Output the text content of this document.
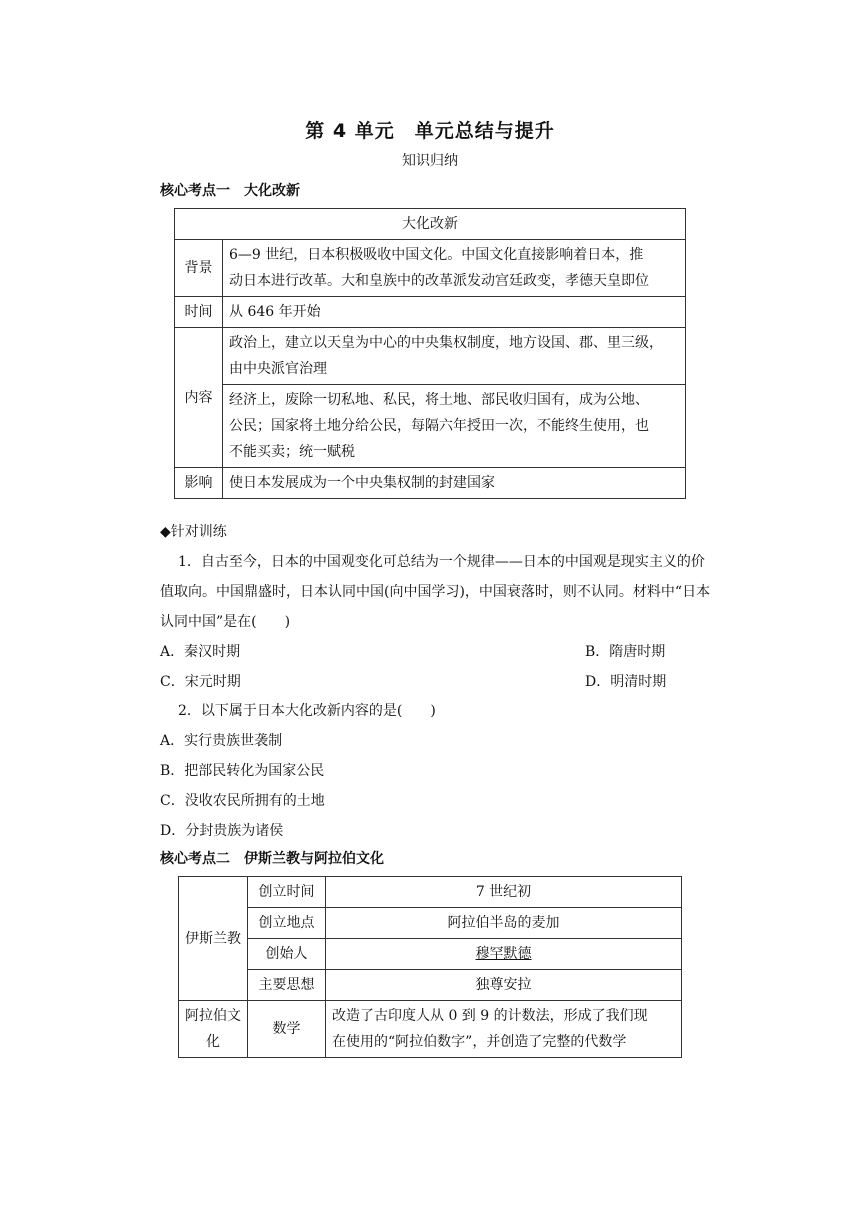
第 4 单元　单元总结与提升
知识归纳
核心考点一　大化改新
大化改新	
背景	6—9 世纪，日本积极吸收中国文化。中国文化直接影响着日本，推
动日本进行改革。大和皇族中的改革派发动宫廷政变，孝德天皇即位

时间	从 646 年开始
内容	政治上，建立以天皇为中心的中央集权制度，地方设国、郡、里三级，
由中央派官治理

	经济上，废除一切私地、私民，将土地、部民收归国有，成为公地、
公民；国家将土地分给公民，每隔六年授田一次，不能终生使用，也
不能买卖；统一赋税

影响	使日本发展成为一个中央集权制的封建国家
◆针对训练
1．自古至今，日本的中国观变化可总结为一个规律——日本的中国观是现实主义的价
值取向。中国鼎盛时，日本认同中国(向中国学习)，中国衰落时，则不认同。材料中“日本
认同中国”是在(　　)
A．秦汉时期	B．隋唐时期
C．宋元时期	D．明清时期
2．以下属于日本大化改新内容的是(　　)
A．实行贵族世袭制
B．把部民转化为国家公民
C．没收农民所拥有的土地
D．分封贵族为诸侯
核心考点二　伊斯兰教与阿拉伯文化
伊斯兰教	创立时间	7 世纪初
	创立地点	阿拉伯半岛的麦加
	创始人	穆罕默德
	主要思想	独尊安拉
阿拉伯文化	数学	改造了古印度人从 0 到 9 的计数法，形成了我们现
在使用的“阿拉伯数字”，并创造了完整的代数学
